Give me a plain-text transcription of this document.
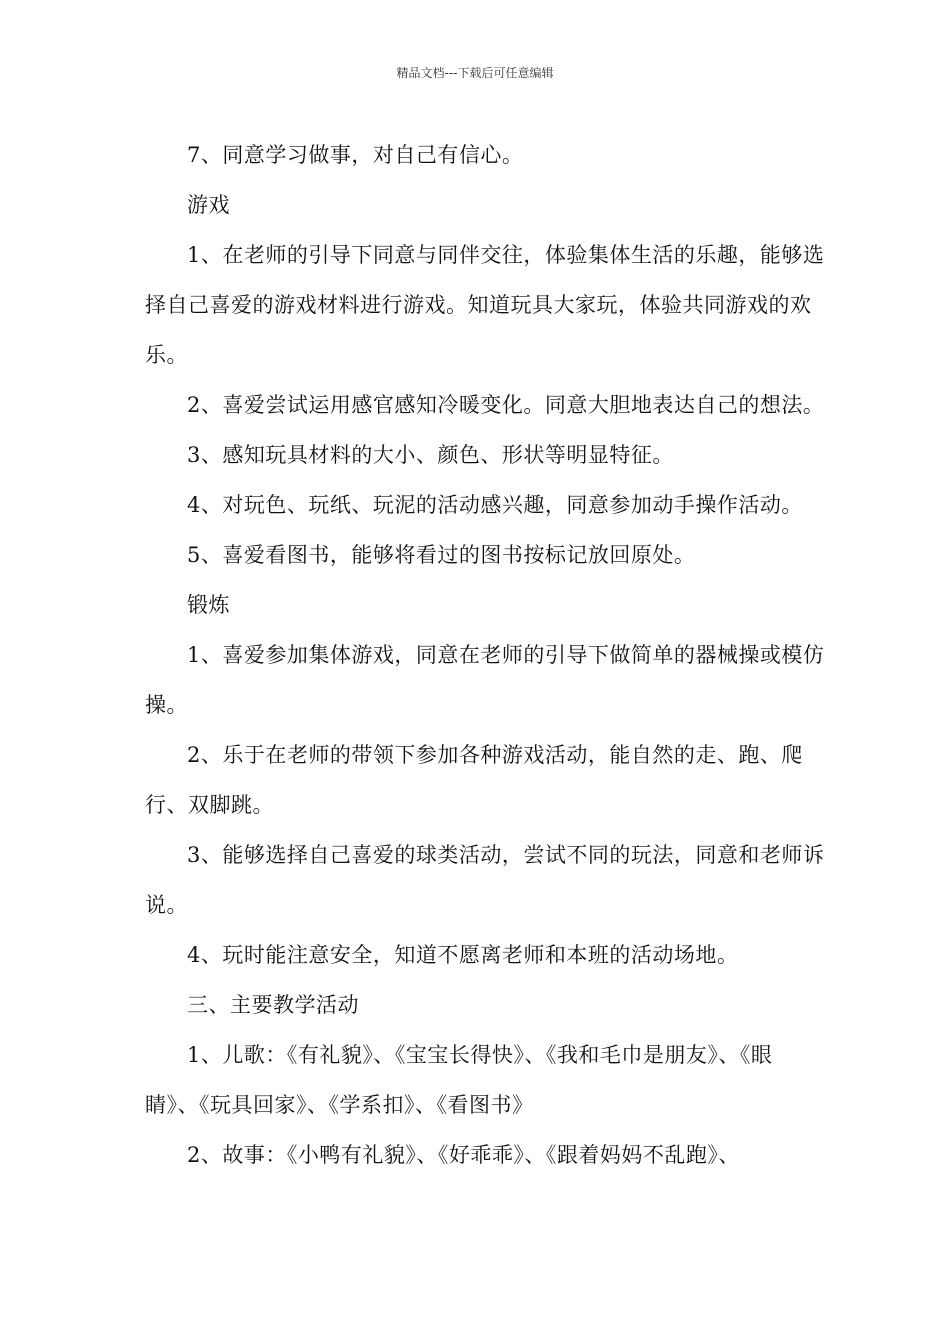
精品文档---下载后可任意编辑

7、同意学习做事，对自己有信心。

游戏

1、在老师的引导下同意与同伴交往，体验集体生活的乐趣，能够选择自己喜爱的游戏材料进行游戏。知道玩具大家玩，体验共同游戏的欢乐。

2、喜爱尝试运用感官感知冷暖变化。同意大胆地表达自己的想法。

3、感知玩具材料的大小、颜色、形状等明显特征。

4、对玩色、玩纸、玩泥的活动感兴趣，同意参加动手操作活动。

5、喜爱看图书，能够将看过的图书按标记放回原处。

锻炼

1、喜爱参加集体游戏，同意在老师的引导下做简单的器械操或模仿操。

2、乐于在老师的带领下参加各种游戏活动，能自然的走、跑、爬行、双脚跳。

3、能够选择自己喜爱的球类活动，尝试不同的玩法，同意和老师诉说。

4、玩时能注意安全，知道不愿离老师和本班的活动场地。

三、主要教学活动

1、儿歌：《有礼貌》、《宝宝长得快》、《我和毛巾是朋友》、《眼睛》、《玩具回家》、《学系扣》、《看图书》

2、故事：《小鸭有礼貌》、《好乖乖》、《跟着妈妈不乱跑》、
